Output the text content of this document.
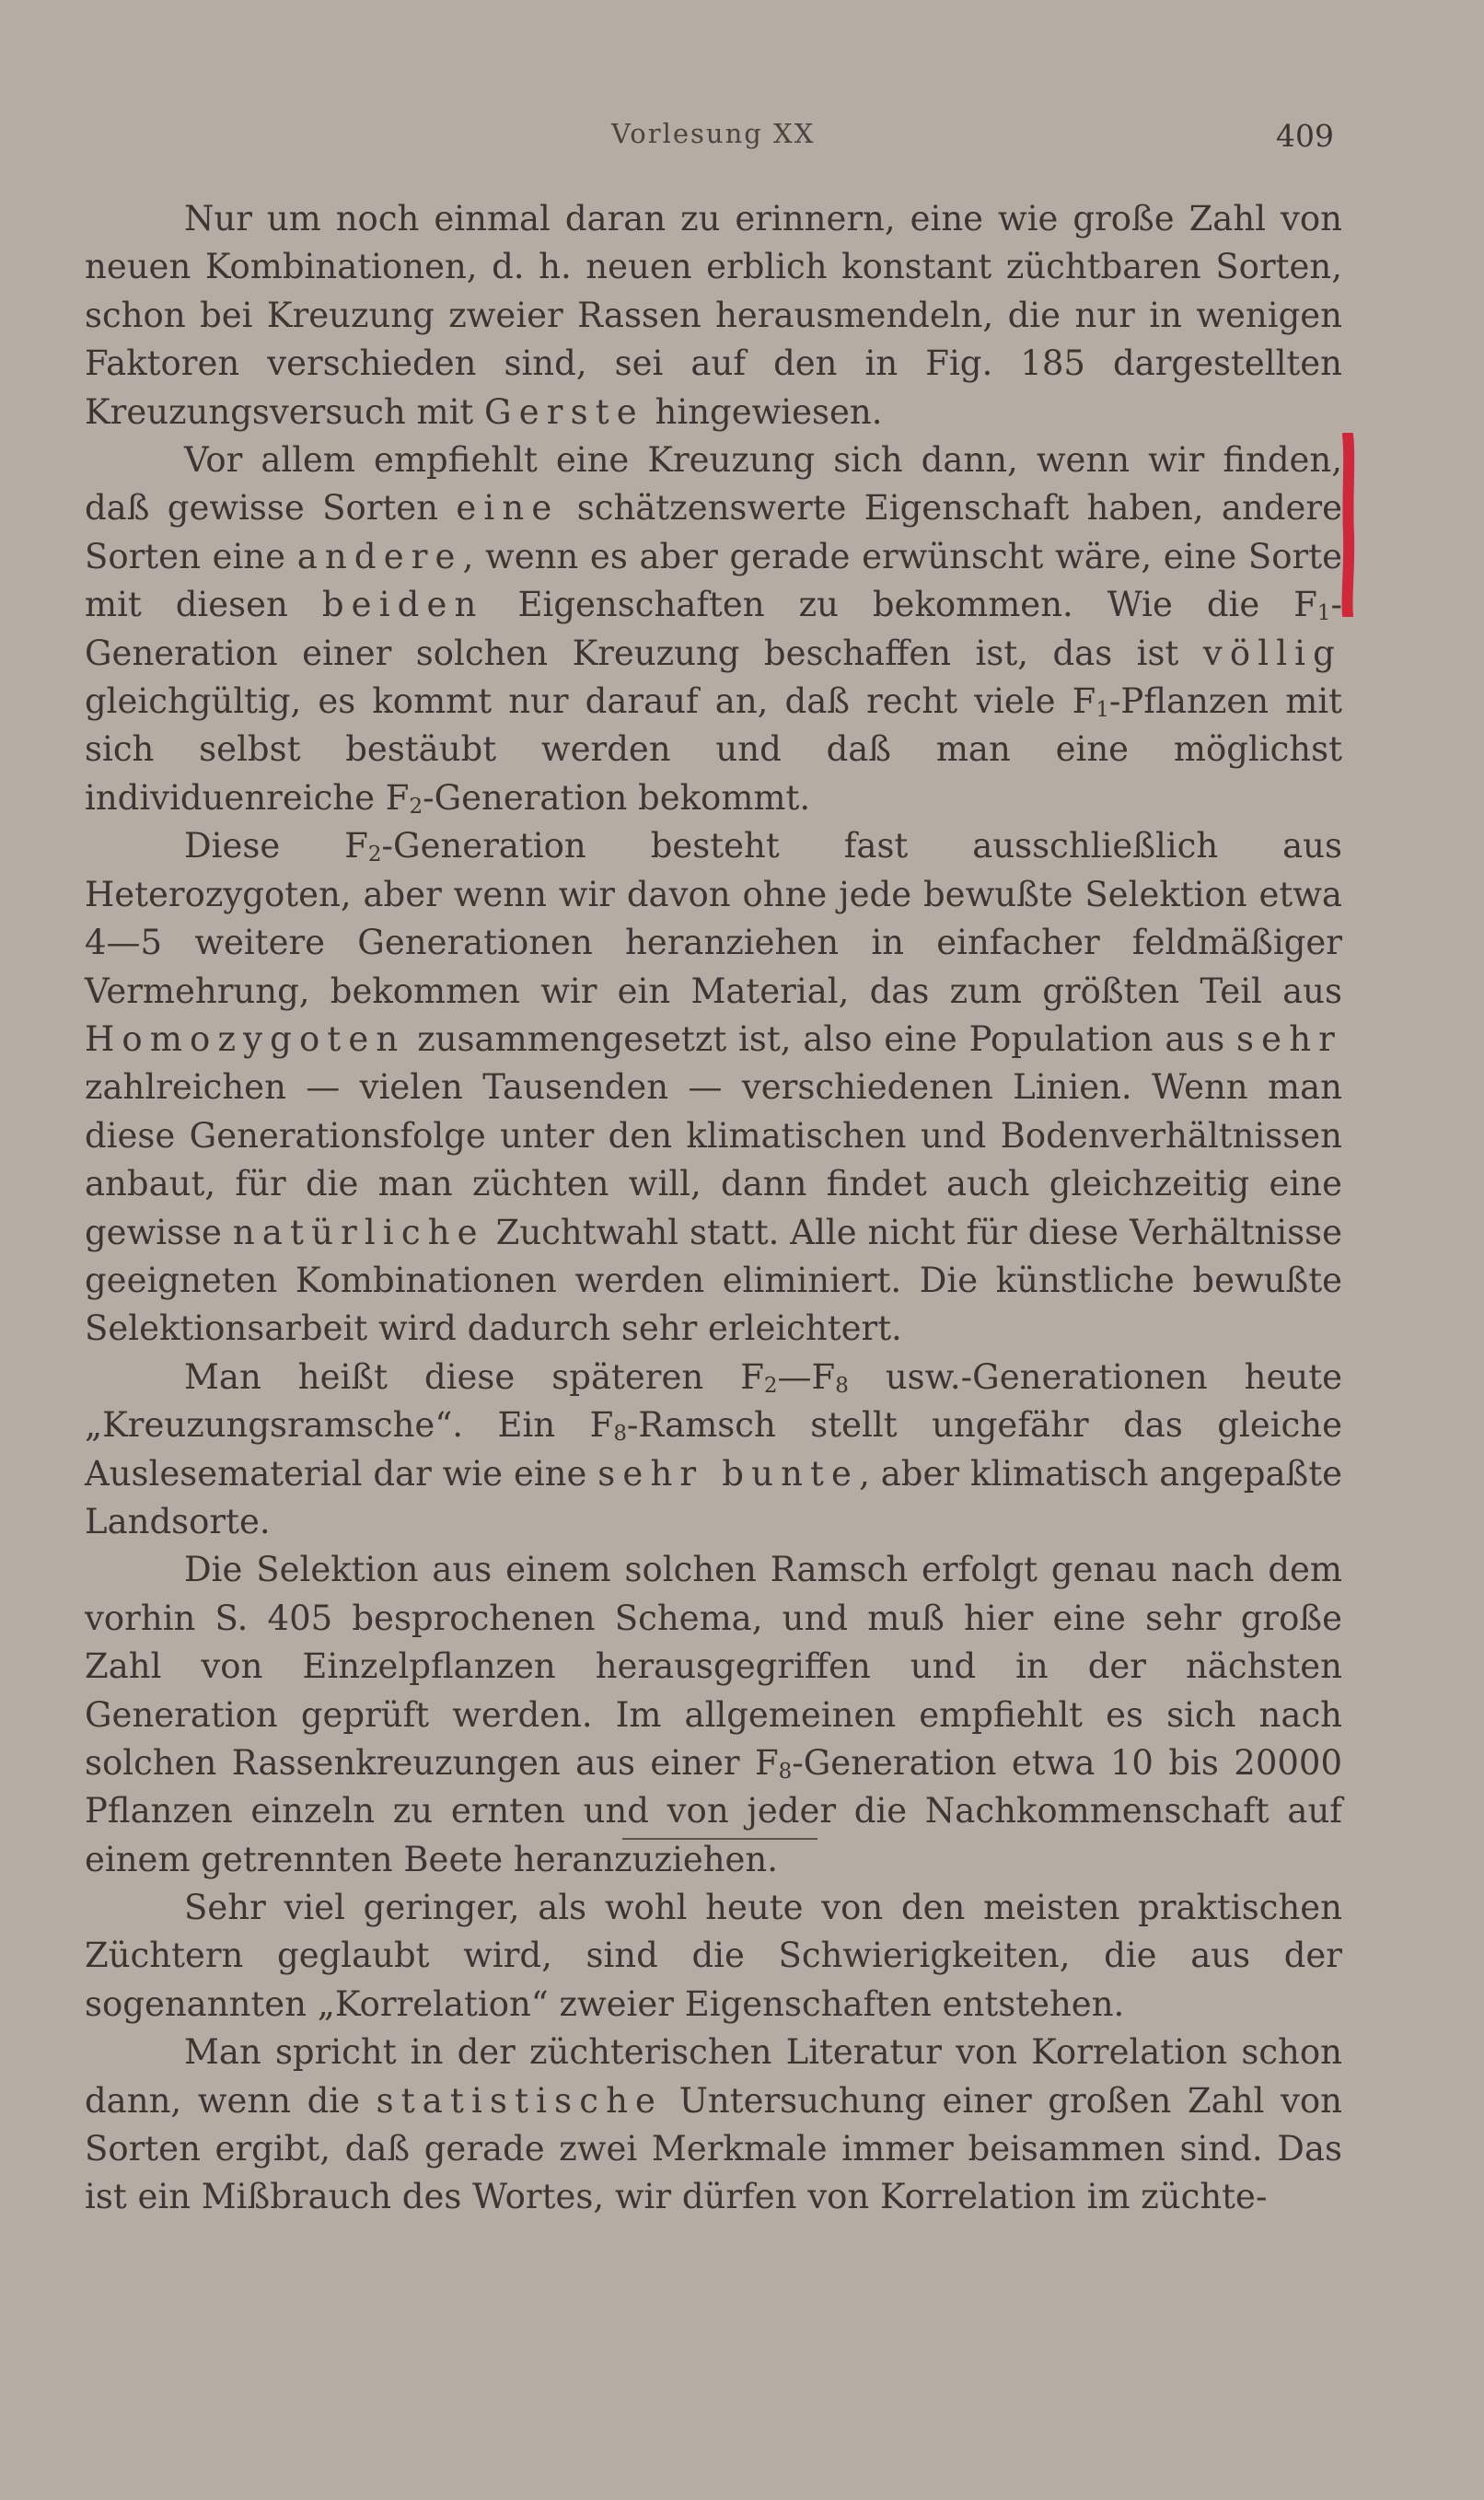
Vorlesung XX	409

Nur um noch einmal daran zu erinnern, eine wie große Zahl von neuen Kombinationen, d. h. neuen erblich konstant züchtbaren Sorten, schon bei Kreuzung zweier Rassen herausmendeln, die nur in wenigen Faktoren verschieden sind, sei auf den in Fig. 185 dargestellten Kreuzungsversuch mit Gerste hingewiesen.

Vor allem empfiehlt eine Kreuzung sich dann, wenn wir finden, daß gewisse Sorten eine schätzenswerte Eigenschaft haben, andere Sorten eine andere, wenn es aber gerade erwünscht wäre, eine Sorte mit diesen beiden Eigenschaften zu bekommen. Wie die $F_1$-Generation einer solchen Kreuzung beschaffen ist, das ist völlig gleichgültig, es kommt nur darauf an, daß recht viele $F_1$-Pflanzen mit sich selbst bestäubt werden und daß man eine möglichst individuenreiche $F_2$-Generation bekommt.

Diese $F_2$-Generation besteht fast ausschließlich aus Heterozygoten, aber wenn wir davon ohne jede bewußte Selektion etwa 4—5 weitere Generationen heranziehen in einfacher feldmäßiger Vermehrung, bekommen wir ein Material, das zum größten Teil aus Homozygoten zusammengesetzt ist, also eine Population aus sehr zahlreichen — vielen Tausenden — verschiedenen Linien. Wenn man diese Generationsfolge unter den klimatischen und Bodenverhältnissen anbaut, für die man züchten will, dann findet auch gleichzeitig eine gewisse natürliche Zuchtwahl statt. Alle nicht für diese Verhältnisse geeigneten Kombinationen werden eliminiert. Die künstliche bewußte Selektionsarbeit wird dadurch sehr erleichtert.

Man heißt diese späteren $F_2—F_8$ usw.-Generationen heute „Kreuzungsramsche“. Ein $F_8$-Ramsch stellt ungefähr das gleiche Auslesematerial dar wie eine sehr bunte, aber klimatisch angepaßte Landsorte.

Die Selektion aus einem solchen Ramsch erfolgt genau nach dem vorhin S. 405 besprochenen Schema, und muß hier eine sehr große Zahl von Einzelpflanzen herausgegriffen und in der nächsten Generation geprüft werden. Im allgemeinen empfiehlt es sich nach solchen Rassenkreuzungen aus einer $F_8$-Generation etwa 10 bis 20000 Pflanzen einzeln zu ernten und von jeder die Nachkommenschaft auf einem getrennten Beete heranzuziehen.

Sehr viel geringer, als wohl heute von den meisten praktischen Züchtern geglaubt wird, sind die Schwierigkeiten, die aus der sogenannten „Korrelation“ zweier Eigenschaften entstehen.

Man spricht in der züchterischen Literatur von Korrelation schon dann, wenn die statistische Untersuchung einer großen Zahl von Sorten ergibt, daß gerade zwei Merkmale immer beisammen sind. Das ist ein Mißbrauch des Wortes, wir dürfen von Korrelation im züchte-
